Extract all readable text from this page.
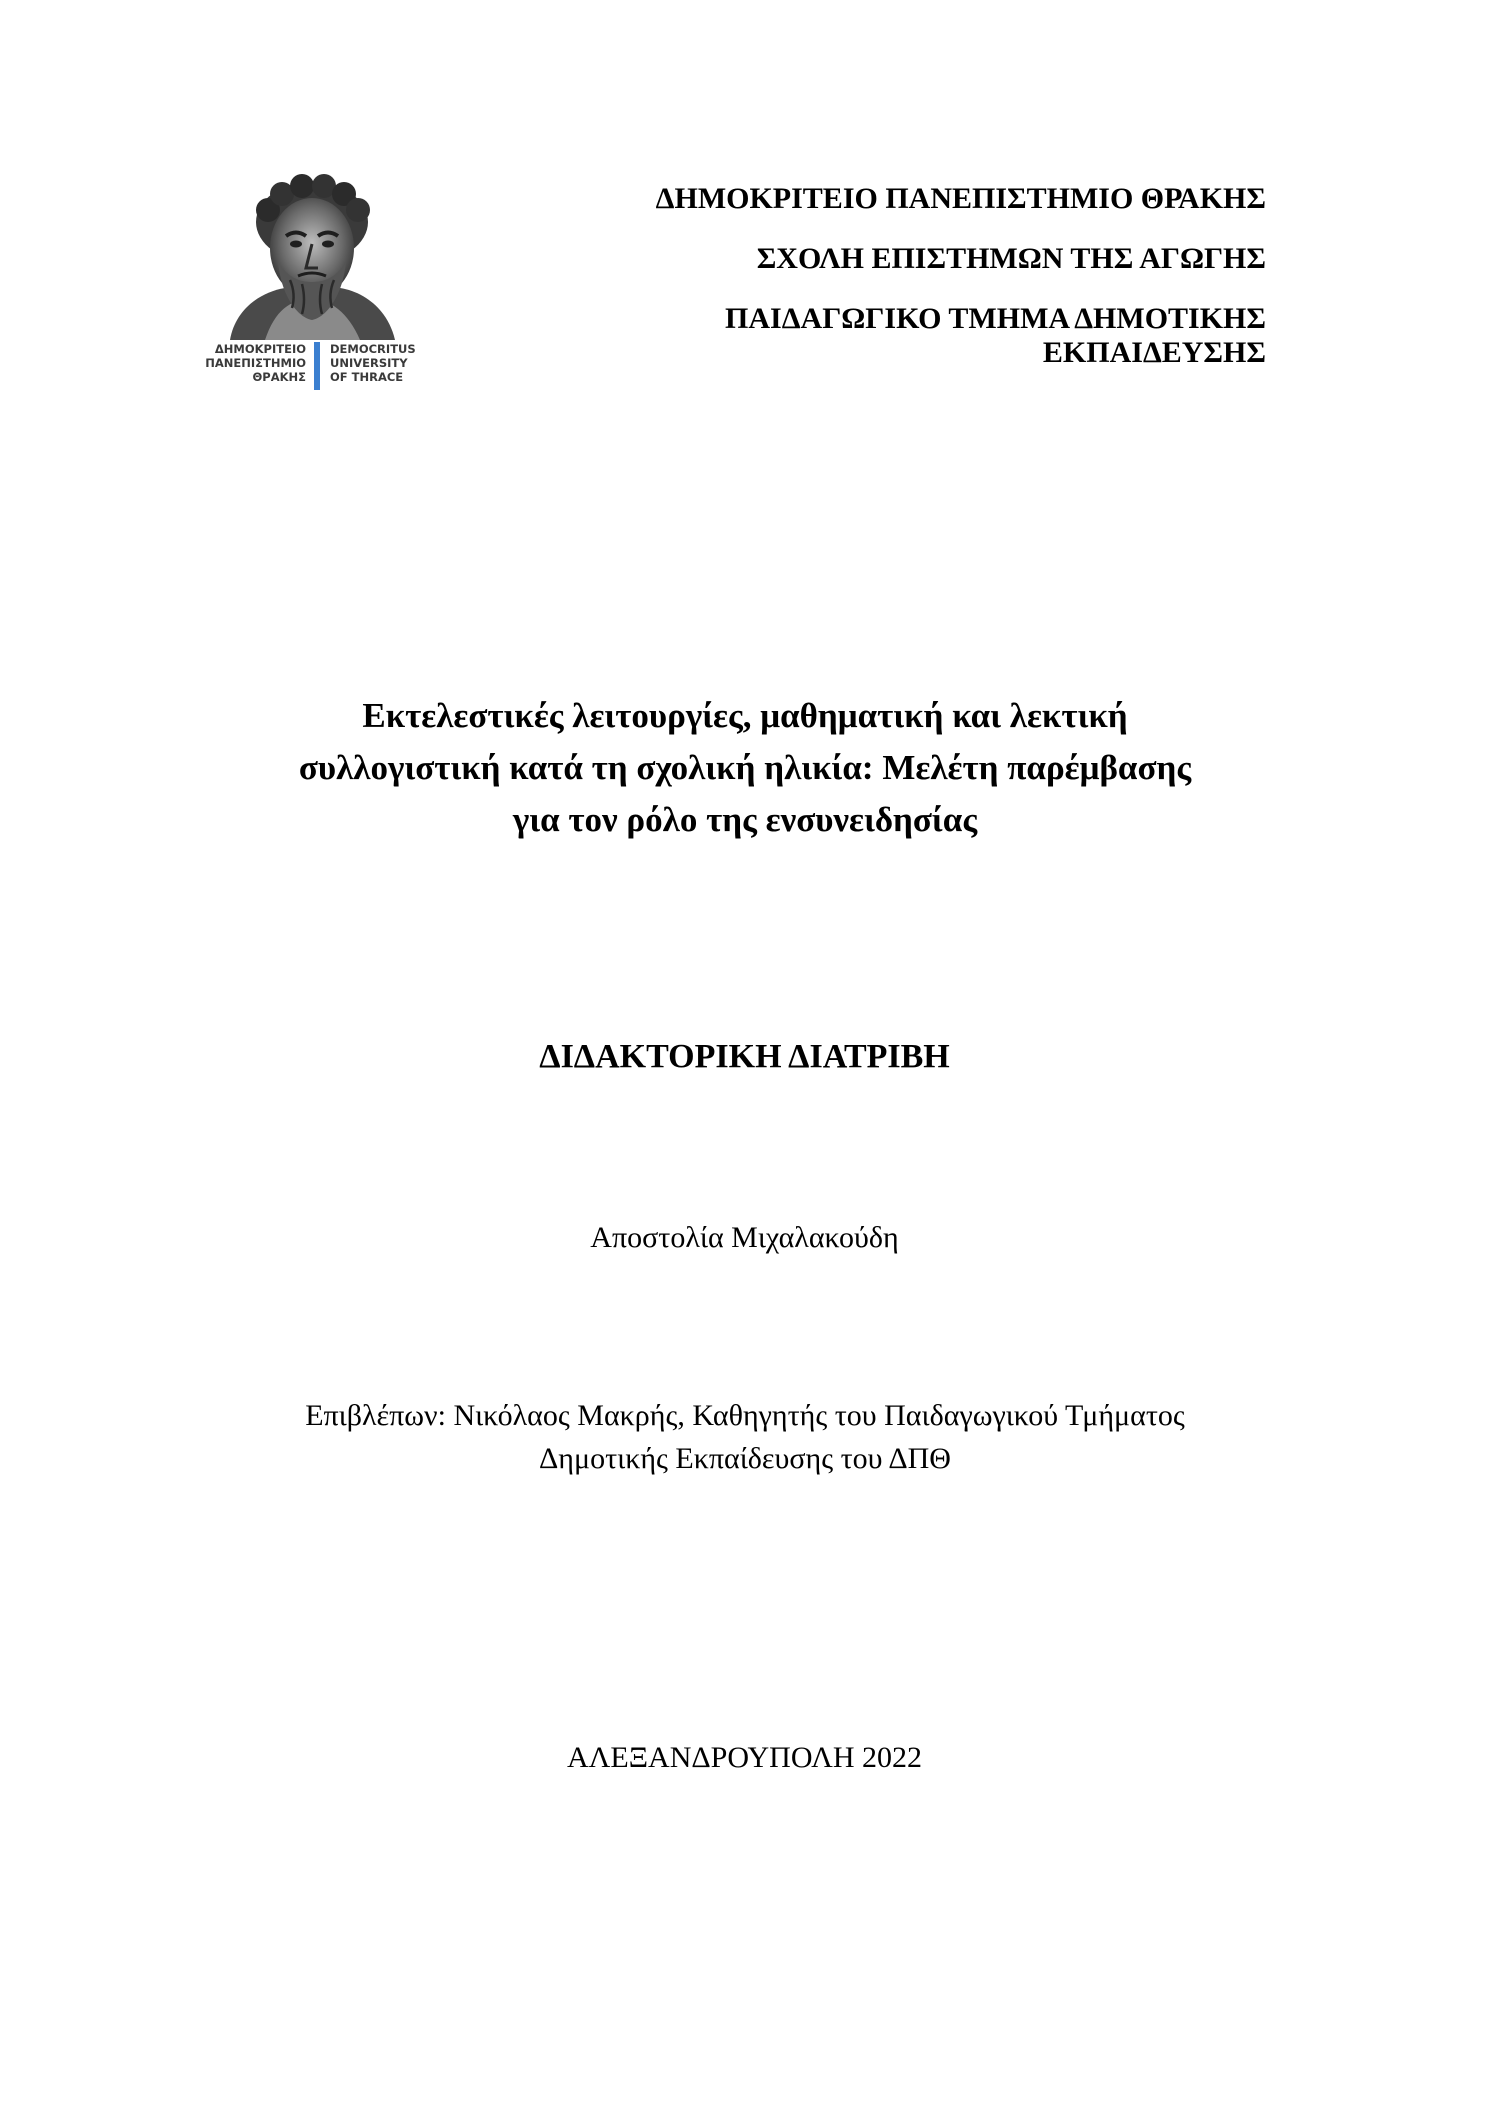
ΔΗΜΟΚΡΙΤΕΙΟ
ΠΑΝΕΠΙΣΤΗΜΙΟ
ΘΡΑΚΗΣ
DEMOCRITUS
UNIVERSITY
OF THRACE
ΔΗΜΟΚΡΙΤΕΙΟ ΠΑΝΕΠΙΣΤΗΜΙΟ ΘΡΑΚΗΣ
ΣΧΟΛΗ ΕΠΙΣΤΗΜΩΝ ΤΗΣ ΑΓΩΓΗΣ
ΠΑΙΔΑΓΩΓΙΚΟ ΤΜΗΜΑ ΔΗΜΟΤΙΚΗΣ
ΕΚΠΑΙΔΕΥΣΗΣ
Εκτελεστικές λειτουργίες, μαθηματική και λεκτική
συλλογιστική κατά τη σχολική ηλικία: Μελέτη παρέμβασης
για τον ρόλο της ενσυνειδησίας
ΔΙΔΑΚΤΟΡΙΚΗ ΔΙΑΤΡΙΒΗ
Αποστολία Μιχαλακούδη
Επιβλέπων: Νικόλαος Μακρής, Καθηγητής του Παιδαγωγικού Τμήματος
Δημοτικής Εκπαίδευσης του ΔΠΘ
ΑΛΕΞΑΝΔΡΟΥΠΟΛΗ 2022
